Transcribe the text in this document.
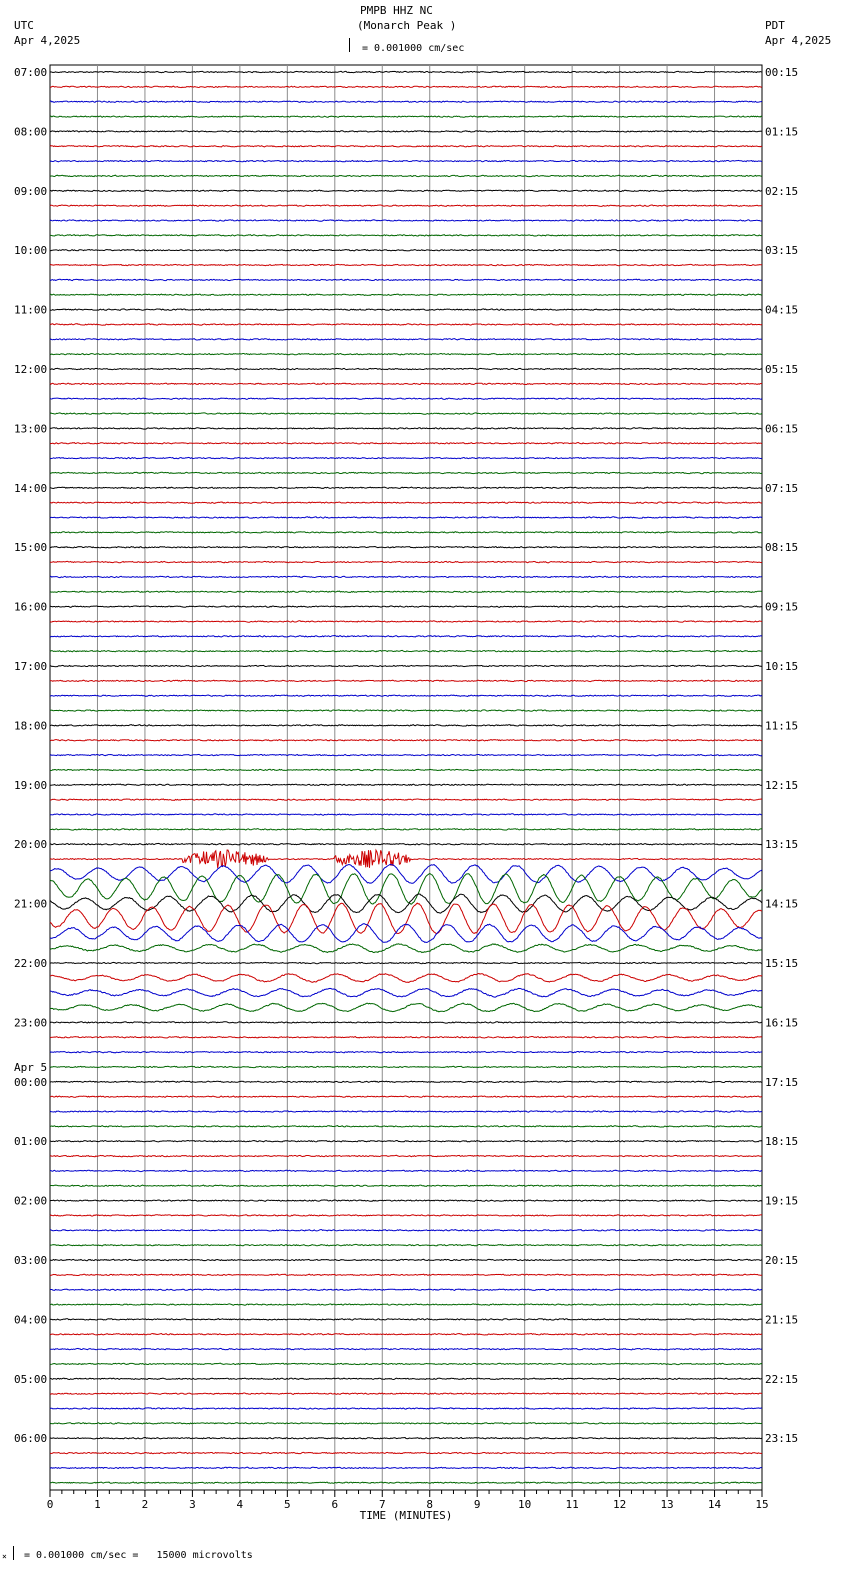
UTC
Apr 4,2025
PDT
Apr 4,2025
PMPB HHZ NC
(Monarch Peak )
= 0.001000 cm/sec
= 0.001000 cm/sec =   15000 microvolts
×
0	1	2	3	4	5	6	7	8	9	10	11	12	13	14	15
TIME (MINUTES)
07:00
08:00
09:00
10:00
11:00
12:00
13:00
14:00
15:00
16:00
17:00
18:00
19:00
20:00
21:00
22:00
23:00
00:00
01:00
02:00
03:00
04:00
05:00
06:00
Apr 5
00:15
01:15
02:15
03:15
04:15
05:15
06:15
07:15
08:15
09:15
10:15
11:15
12:15
13:15
14:15
15:15
16:15
17:15
18:15
19:15
20:15
21:15
22:15
23:15
